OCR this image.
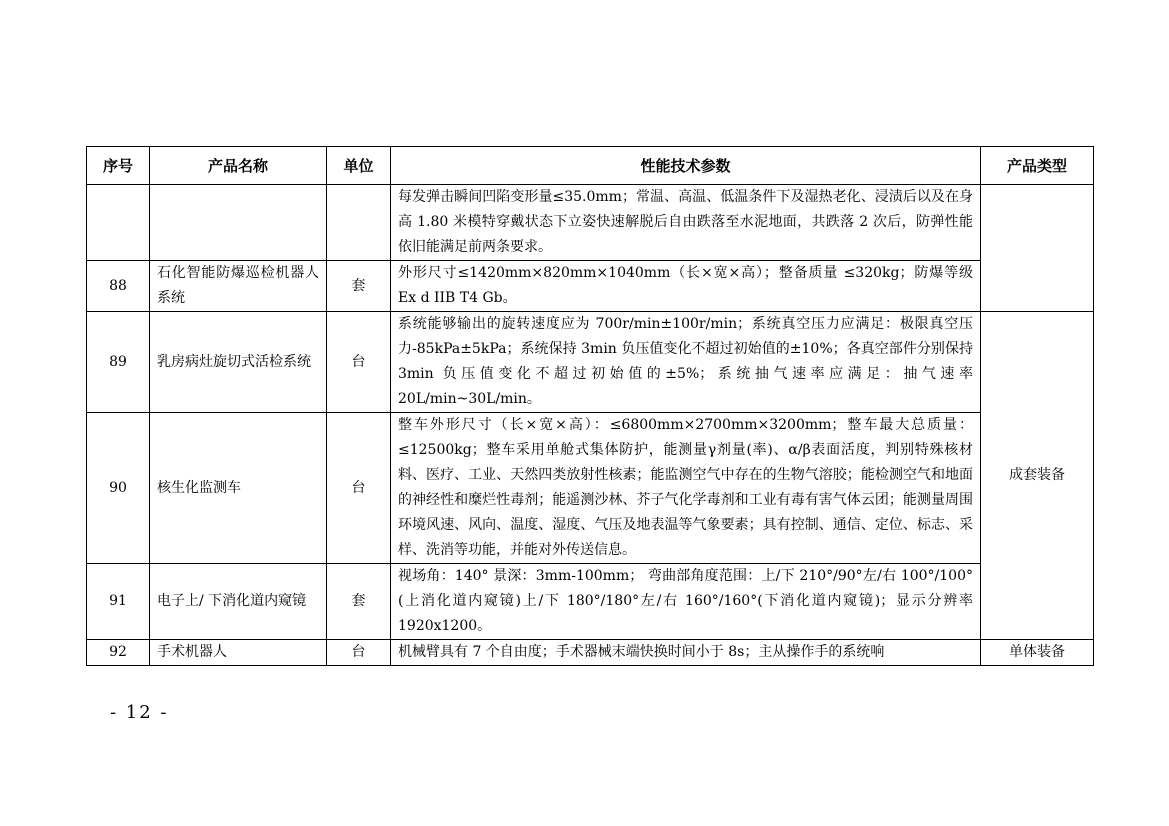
序号	产品名称	单位	性能技术参数	产品类型
			每发弹击瞬间凹陷变形量≤35.0mm；常温、高温、低温条件下及湿热老化、浸渍后以及在身高 1.80 米模特穿戴状态下立姿快速解脱后自由跌落至水泥地面，共跌落 2 次后，防弹性能依旧能满足前两条要求。	
88	石化智能防爆巡检机器人系统	套	外形尺寸≤1420mm×820mm×1040mm（长×宽×高）；整备质量 ≤320kg；防爆等级 Ex d IIB T4 Gb。	
89	乳房病灶旋切式活检系统	台	系统能够输出的旋转速度应为 700r/min±100r/min；系统真空压力应满足：极限真空压力-85kPa±5kPa；系统保持 3min 负压值变化不超过初始值的±10%；各真空部件分别保持 3min 负压值变化不超过初始值的±5%；系统抽气速率应满足：抽气速率 20L/min~30L/min。	成套装备
90	核生化监测车	台	整车外形尺寸（长×宽×高）：≤6800mm×2700mm×3200mm；整车最大总质量：≤12500kg；整车采用单舱式集体防护，能测量γ剂量(率)、α/β表面活度，判别特殊核材料、医疗、工业、天然四类放射性核素；能监测空气中存在的生物气溶胶；能检测空气和地面的神经性和糜烂性毒剂；能遥测沙林、芥子气化学毒剂和工业有毒有害气体云团；能测量周围环境风速、风向、温度、湿度、气压及地表温等气象要素；具有控制、通信、定位、标志、采样、洗消等功能，并能对外传送信息。	
91	电子上/ 下消化道内窥镜	套	视场角：140° 景深：3mm-100mm； 弯曲部角度范围：上/下 210°/90°左/右 100°/100°(上消化道内窥镜)上/下 180°/180°左/右 160°/160°(下消化道内窥镜)；显示分辨率 1920x1200。	
92	手术机器人	台	机械臂具有 7 个自由度；手术器械末端快换时间小于 8s；主从操作手的系统响	单体装备
- 12 -
